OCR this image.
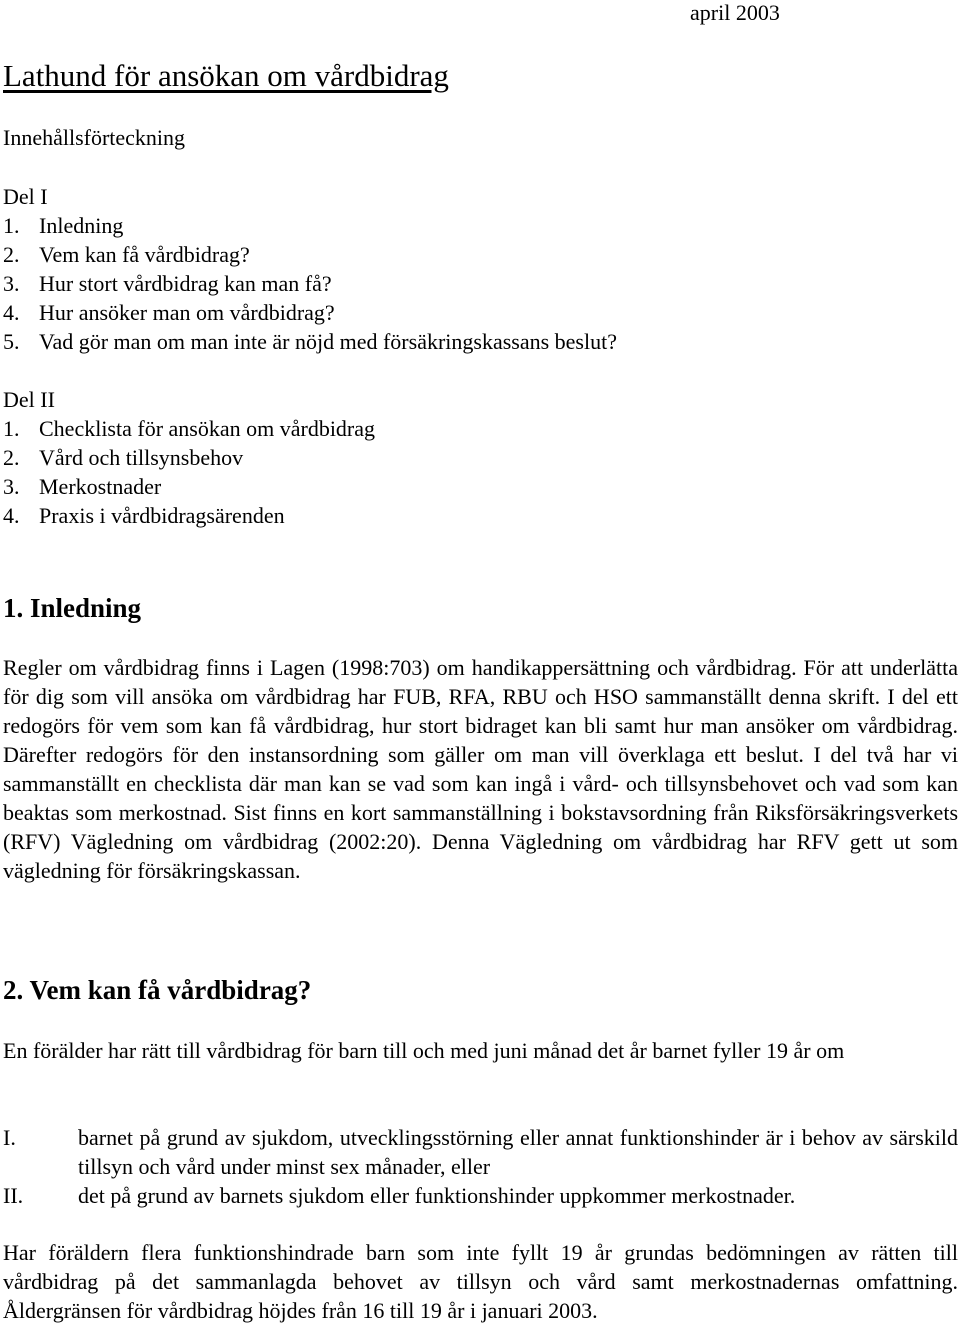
april 2003
Lathund för ansökan om vårdbidrag
Innehållsförteckning
Del I
1. Inledning
2. Vem kan få vårdbidrag?
3. Hur stort vårdbidrag kan man få?
4. Hur ansöker man om vårdbidrag?
5. Vad gör man om man inte är nöjd med försäkringskassans beslut?
Del II
1. Checklista för ansökan om vårdbidrag
2. Vård och tillsynsbehov
3. Merkostnader
4. Praxis i vårdbidragsärenden
1. Inledning

Regler om vårdbidrag finns i Lagen (1998:703) om handikappersättning och vårdbidrag. För att underlätta för dig som vill ansöka om vårdbidrag har FUB, RFA, RBU och HSO sammanställt denna skrift. I del ett redogörs för vem som kan få vårdbidrag, hur stort bidraget kan bli samt hur man ansöker om vårdbidrag. Därefter redogörs för den instansordning som gäller om man vill överklaga ett beslut. I del två har vi sammanställt en checklista där man kan se vad som kan ingå i vård- och tillsynsbehovet och vad som kan beaktas som merkostnad. Sist finns en kort sammanställning i bokstavsordning från Riksförsäkringsverkets (RFV) Vägledning om vårdbidrag (2002:20). Denna Vägledning om vårdbidrag har RFV gett ut som vägledning för försäkringskassan.

2. Vem kan få vårdbidrag?

En förälder har rätt till vårdbidrag för barn till och med juni månad det år barnet fyller 19 år om

I.	barnet på grund av sjukdom, utvecklingsstörning eller annat funktionshinder är i behov av särskild tillsyn och vård under minst sex månader, eller
II.	det på grund av barnets sjukdom eller funktionshinder uppkommer merkostnader.

Har föräldern flera funktionshindrade barn som inte fyllt 19 år grundas bedömningen av rätten till vårdbidrag på det sammanlagda behovet av tillsyn och vård samt merkostnadernas omfattning. Åldergränsen för vårdbidrag höjdes från 16 till 19 år i januari 2003.
